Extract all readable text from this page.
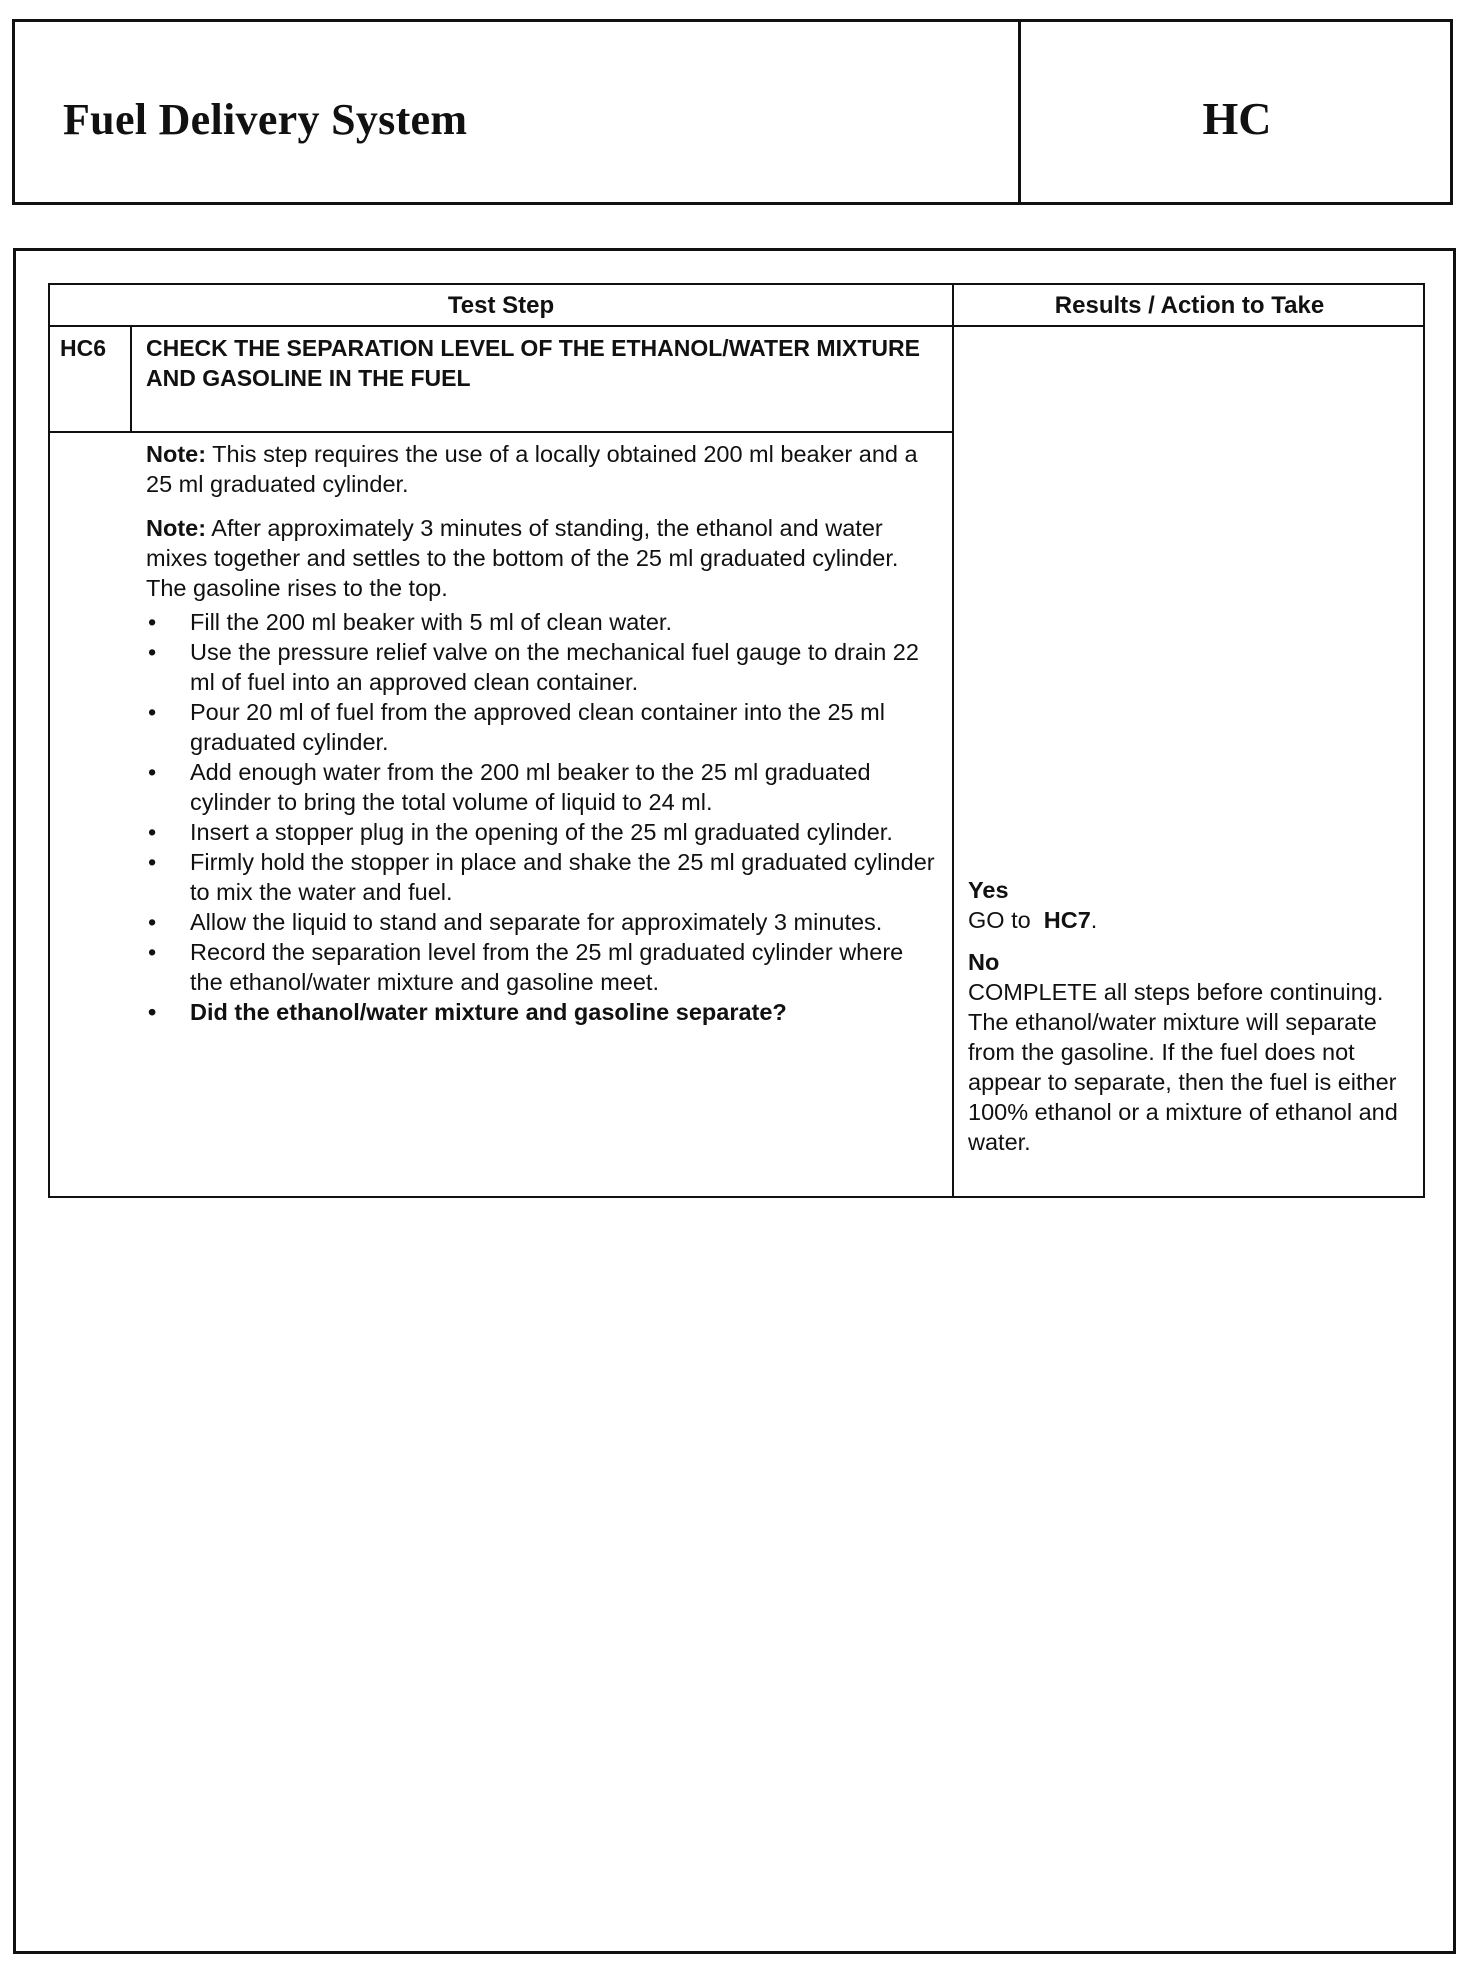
Fuel Delivery System	HC
Test Step	Results / Action to Take
HC6 CHECK THE SEPARATION LEVEL OF THE ETHANOL/WATER MIXTURE AND GASOLINE IN THE FUEL

Note: This step requires the use of a locally obtained 200 ml beaker and a 25 ml graduated cylinder.

Note: After approximately 3 minutes of standing, the ethanol and water mixes together and settles to the bottom of the 25 ml graduated cylinder. The gasoline rises to the top.

• Fill the 200 ml beaker with 5 ml of clean water.
• Use the pressure relief valve on the mechanical fuel gauge to drain 22 ml of fuel into an approved clean container.
• Pour 20 ml of fuel from the approved clean container into the 25 ml graduated cylinder.
• Add enough water from the 200 ml beaker to the 25 ml graduated cylinder to bring the total volume of liquid to 24 ml.
• Insert a stopper plug in the opening of the 25 ml graduated cylinder.
• Firmly hold the stopper in place and shake the 25 ml graduated cylinder to mix the water and fuel.
• Allow the liquid to stand and separate for approximately 3 minutes.
• Record the separation level from the 25 ml graduated cylinder where the ethanol/water mixture and gasoline meet.
• Did the ethanol/water mixture and gasoline separate?
Yes
GO to HC7.
No
COMPLETE all steps before continuing. The ethanol/water mixture will separate from the gasoline. If the fuel does not appear to separate, then the fuel is either 100% ethanol or a mixture of ethanol and water.
